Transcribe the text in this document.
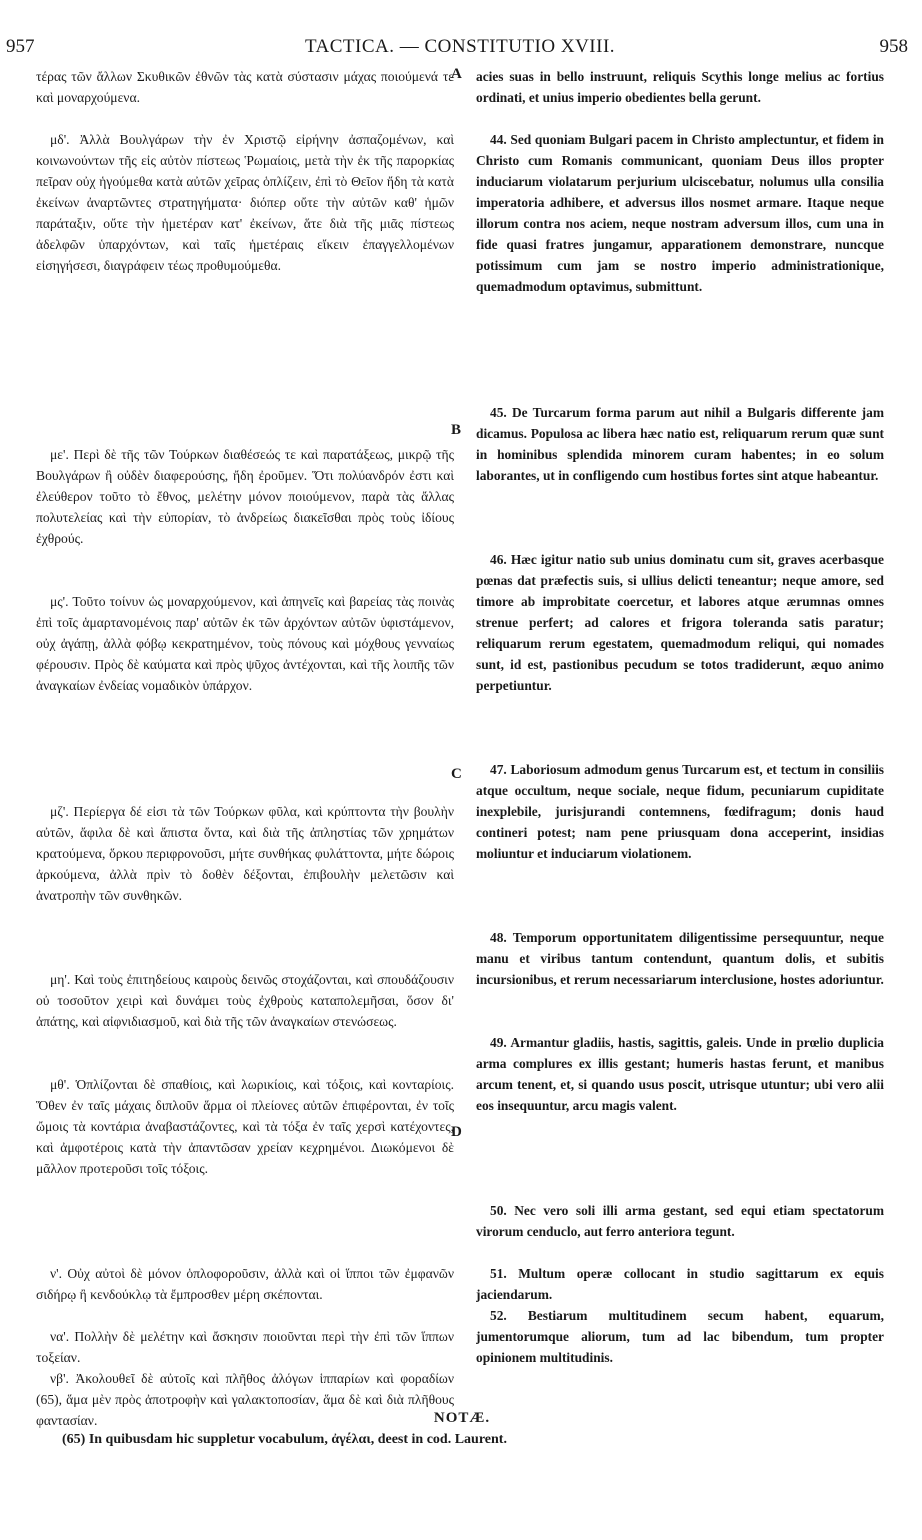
957	TACTICA. — CONSTITUTIO XVIII.	958

τέρας τῶν ἄλλων Σκυθικῶν ἐθνῶν τὰς κατὰ σύστασιν μάχας ποιούμενά τε καὶ μοναρχούμενα.

μδ'. Ἀλλὰ Βουλγάρων τὴν ἐν Χριστῷ εἰρήνην ἀσπαζομένων, καὶ κοινωνούντων τῆς εἰς αὐτὸν πίστεως Ῥωμαίοις, μετὰ τὴν ἐκ τῆς παρορκίας πεῖραν οὐχ ἡγούμεθα κατὰ αὐτῶν χεῖρας ὁπλίζειν, ἐπὶ τὸ Θεῖον ἤδη τὰ κατὰ ἐκείνων ἀναρτῶντες στρατηγήματα· διόπερ οὔτε τὴν αὐτῶν καθ' ἡμῶν παράταξιν, οὔτε τὴν ἡμετέραν κατ' ἐκείνων, ἅτε διὰ τῆς μιᾶς πίστεως ἀδελφῶν ὑπαρχόντων, καὶ ταῖς ἡμετέραις εἴκειν ἐπαγγελλομένων εἰσηγήσεσι, διαγράφειν τέως προθυμούμεθα.

με'. Περὶ δὲ τῆς τῶν Τούρκων διαθέσεώς τε καὶ παρατάξεως, μικρῷ τῆς Βουλγάρων ἢ οὐδὲν διαφερούσης, ἤδη ἐροῦμεν. Ὅτι πολύανδρόν ἐστι καὶ ἐλεύθερον τοῦτο τὸ ἔθνος, μελέτην μόνον ποιούμενον, παρὰ τὰς ἄλλας πολυτελείας καὶ τὴν εὐπορίαν, τὸ ἀνδρείως διακεῖσθαι πρὸς τοὺς ἰδίους ἐχθρούς.

μς'. Τοῦτο τοίνυν ὡς μοναρχούμενον, καὶ ἀπηνεῖς καὶ βαρείας τὰς ποινὰς ἐπὶ τοῖς ἁμαρτανομένοις παρ' αὐτῶν ἐκ τῶν ἀρχόντων αὐτῶν ὑφιστάμενον, οὐχ ἀγάπῃ, ἀλλὰ φόβῳ κεκρατημένον, τοὺς πόνους καὶ μόχθους γενναίως φέρουσιν. Πρὸς δὲ καύματα καὶ πρὸς ψῦχος ἀντέχονται, καὶ τῆς λοιπῆς τῶν ἀναγκαίων ἐνδείας νομαδικὸν ὑπάρχον.

μζ'. Περίεργα δέ εἰσι τὰ τῶν Τούρκων φῦλα, καὶ κρύπτοντα τὴν βουλὴν αὐτῶν, ἄφιλα δὲ καὶ ἄπιστα ὄντα, καὶ διὰ τῆς ἀπληστίας τῶν χρημάτων κρατούμενα, ὅρκου περιφρονοῦσι, μήτε συνθήκας φυλάττοντα, μήτε δώροις ἀρκούμενα, ἀλλὰ πρὶν τὸ δοθὲν δέξονται, ἐπιβουλὴν μελετῶσιν καὶ ἀνατροπὴν τῶν συνθηκῶν.

μη'. Καὶ τοὺς ἐπιτηδείους καιροὺς δεινῶς στοχάζονται, καὶ σπουδάζουσιν οὐ τοσοῦτον χειρὶ καὶ δυνάμει τοὺς ἐχθροὺς καταπολεμῆσαι, ὅσον δι' ἀπάτης, καὶ αἰφνιδιασμοῦ, καὶ διὰ τῆς τῶν ἀναγκαίων στενώσεως.

μθ'. Ὁπλίζονται δὲ σπαθίοις, καὶ λωρικίοις, καὶ τόξοις, καὶ κονταρίοις. Ὅθεν ἐν ταῖς μάχαις διπλοῦν ἅρμα οἱ πλείονες αὐτῶν ἐπιφέρονται, ἐν τοῖς ὤμοις τὰ κοντάρια ἀναβαστάζοντες, καὶ τὰ τόξα ἐν ταῖς χερσὶ κατέχοντες, καὶ ἀμφοτέροις κατὰ τὴν ἀπαντῶσαν χρείαν κεχρημένοι. Διωκόμενοι δὲ μᾶλλον προτεροῦσι τοῖς τόξοις.

ν'. Οὐχ αὐτοὶ δὲ μόνον ὁπλοφοροῦσιν, ἀλλὰ καὶ οἱ ἵπποι τῶν ἐμφανῶν σιδήρῳ ἢ κενδούκλῳ τὰ ἔμπροσθεν μέρη σκέπονται.

να'. Πολλὴν δὲ μελέτην καὶ ἄσκησιν ποιοῦνται περὶ τὴν ἐπὶ τῶν ἵππων τοξείαν.

νβ'. Ἀκολουθεῖ δὲ αὐτοῖς καὶ πλῆθος ἀλόγων ἱππαρίων καὶ φοραδίων (65), ἅμα μὲν πρὸς ἀποτροφὴν καὶ γαλακτοποσίαν, ἅμα δὲ καὶ διὰ πλῆθους φαντασίαν.

A
B
C
D

acies suas in bello instruunt, reliquis Scythis longe melius ac fortius ordinati, et unius imperio obedientes bella gerunt.

44. Sed quoniam Bulgari pacem in Christo amplectuntur, et fidem in Christo cum Romanis communicant, quoniam Deus illos propter induciarum violatarum perjurium ulciscebatur, nolumus ulla consilia imperatoria adhibere, et adversus illos nosmet armare. Itaque neque illorum contra nos aciem, neque nostram adversum illos, cum una in fide quasi fratres jungamur, apparationem demonstrare, nuncque potissimum cum jam se nostro imperio administrationique, quemadmodum optavimus, submittunt.

45. De Turcarum forma parum aut nihil a Bulgaris differente jam dicamus. Populosa ac libera hæc natio est, reliquarum rerum quæ sunt in hominibus splendida minorem curam habentes; in eo solum laborantes, ut in confligendo cum hostibus fortes sint atque habeantur.

46. Hæc igitur natio sub unius dominatu cum sit, graves acerbasque pœnas dat præfectis suis, si ullius delicti teneantur; neque amore, sed timore ab improbitate coercetur, et labores atque ærumnas omnes strenue perfert; ad calores et frigora toleranda satis paratur; reliquarum rerum egestatem, quemadmodum reliqui, qui nomades sunt, id est, pastionibus pecudum se totos tradiderunt, æquo animo perpetiuntur.

47. Laboriosum admodum genus Turcarum est, et tectum in consiliis atque occultum, neque sociale, neque fidum, pecuniarum cupiditate inexplebile, jurisjurandi contemnens, fœdifragum; donis haud contineri potest; nam pene priusquam dona acceperint, insidias moliuntur et induciarum violationem.

48. Temporum opportunitatem diligentissime persequuntur, neque manu et viribus tantum contendunt, quantum dolis, et subitis incursionibus, et rerum necessariarum interclusione, hostes adoriuntur.

49. Armantur gladiis, hastis, sagittis, galeis. Unde in prœlio duplicia arma complures ex illis gestant; humeris hastas ferunt, et manibus arcum tenent, et, si quando usus poscit, utrisque utuntur; ubi vero alii eos insequuntur, arcu magis valent.

50. Nec vero soli illi arma gestant, sed equi etiam spectatorum virorum cenduclo, aut ferro anteriora tegunt.

51. Multum operæ collocant in studio sagittarum ex equis jaciendarum.

52. Bestiarum multitudinem secum habent, equarum, jumentorumque aliorum, tum ad lac bibendum, tum propter opinionem multitudinis.

NOTÆ.
(65) In quibusdam hic suppletur vocabulum, ἀγέλαι, deest in cod. Laurent.
